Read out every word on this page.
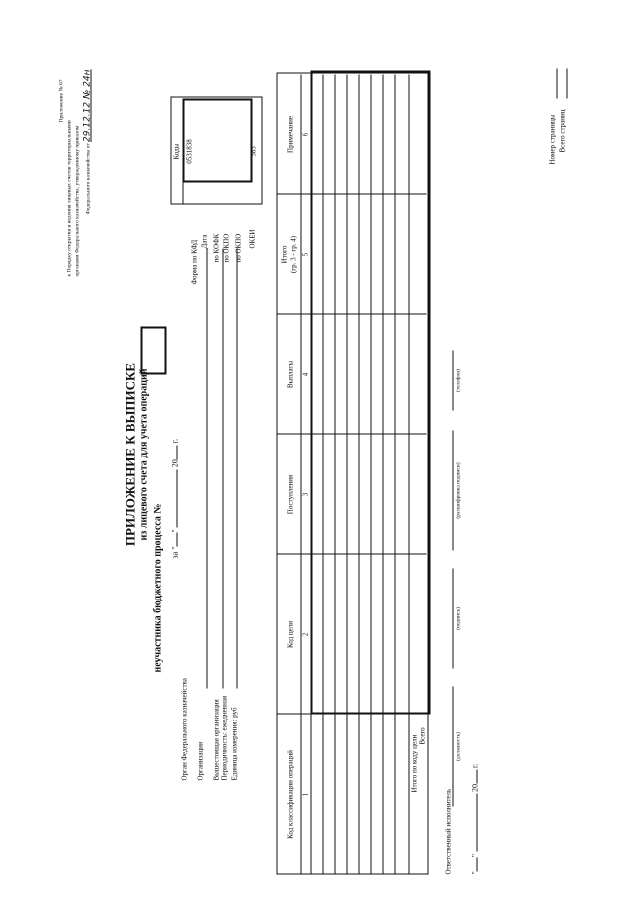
Приложение № 67
к Порядку открытия и ведения лицевых счетов территориальными органами Федерального казначейства, утвержденному приказом Федерального казначейства от 29.12.12 № 24н
ПРИЛОЖЕНИЕ К ВЫПИСКЕ из лицевого счета для учета операций
неучастника бюджетного процесса № за ""  20 г.
Орган Федерального казначейства Организация Вышестоящая организация Периодичность: ежедневная Единица измерения: руб
Форма по КФД Дата по КОФК по ОКПО по ОКПО ОКЕИ
Коды 0531838	383
Код классификации операций
Код цели
Поступления
Выплаты
Итого (гр. 3 - гр. 4)
Примечание
1
2
3
4
5
6
Итого по коду цели Всего
Ответственный исполнитель
(должность)
(подпись)
(расшифровка подписи)
(телефон)
""  20 г.
Номер страницы Всего страниц
